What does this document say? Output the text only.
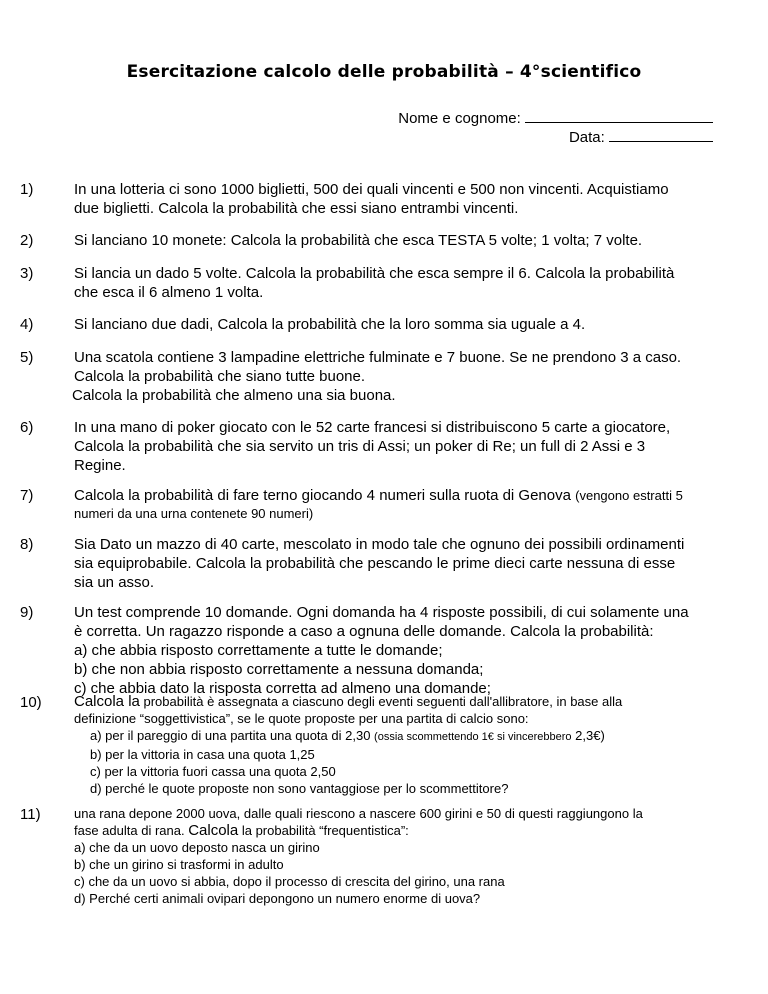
Esercitazione calcolo delle probabilità – 4°scientifico
Nome e cognome:
Data:
1)	In una lotteria ci sono 1000 biglietti, 500 dei quali vincenti e 500 non vincenti. Acquistiamo
due biglietti. Calcola la probabilità che essi siano entrambi vincenti.
2)	Si lanciano 10 monete: Calcola la probabilità che esca TESTA 5 volte; 1 volta; 7 volte.
3)	Si lancia un dado 5 volte. Calcola la probabilità che esca sempre il 6. Calcola la probabilità
che esca il 6 almeno 1 volta.
4)	Si lanciano due dadi, Calcola la probabilità che la loro somma sia uguale a 4.
5)	Una scatola contiene 3 lampadine elettriche fulminate e 7 buone. Se ne prendono 3 a caso.
Calcola la probabilità che siano tutte buone.
Calcola la probabilità che almeno una sia buona.
6)	In una mano di poker giocato con le 52 carte francesi si distribuiscono 5 carte a giocatore,
Calcola la probabilità che sia servito un tris di Assi; un poker di Re; un full di 2 Assi e 3
Regine.
7)	Calcola la probabilità di fare terno giocando 4 numeri sulla ruota di Genova (vengono estratti 5
numeri da una urna contenete 90 numeri)
8)	Sia Dato un mazzo di 40 carte, mescolato in modo tale che ognuno dei possibili ordinamenti
sia equiprobabile. Calcola la probabilità che pescando le prime dieci carte nessuna di esse
sia un asso.
9)	Un test comprende 10 domande. Ogni domanda ha 4 risposte possibili, di cui solamente una
è corretta. Un ragazzo risponde a caso a ognuna delle domande. Calcola la probabilità:
a) che abbia risposto correttamente a tutte le domande;
b) che non abbia risposto correttamente a nessuna domanda;
c) che abbia dato la risposta corretta ad almeno una domande;
10) Calcola la probabilità è assegnata a ciascuno degli eventi seguenti dall'allibratore, in base alla
definizione “soggettivistica”, se le quote proposte per una partita di calcio sono:
a) per il pareggio di una partita una quota di 2,30 (ossia scommettendo 1€ si vincerebbero 2,3€)
b) per la vittoria in casa una quota 1,25
c) per la vittoria fuori cassa una quota 2,50
d) perché le quote proposte non sono vantaggiose per lo scommettitore?
11)	una rana depone 2000 uova, dalle quali riescono a nascere 600 girini e 50 di questi raggiungono la
fase adulta di rana. Calcola la probabilità “frequentistica”:
a) che da un uovo deposto nasca un girino
b) che un girino si trasformi in adulto
c) che da un uovo si abbia, dopo il processo di crescita del girino, una rana
d) Perché certi animali ovipari depongono un numero enorme di uova?
